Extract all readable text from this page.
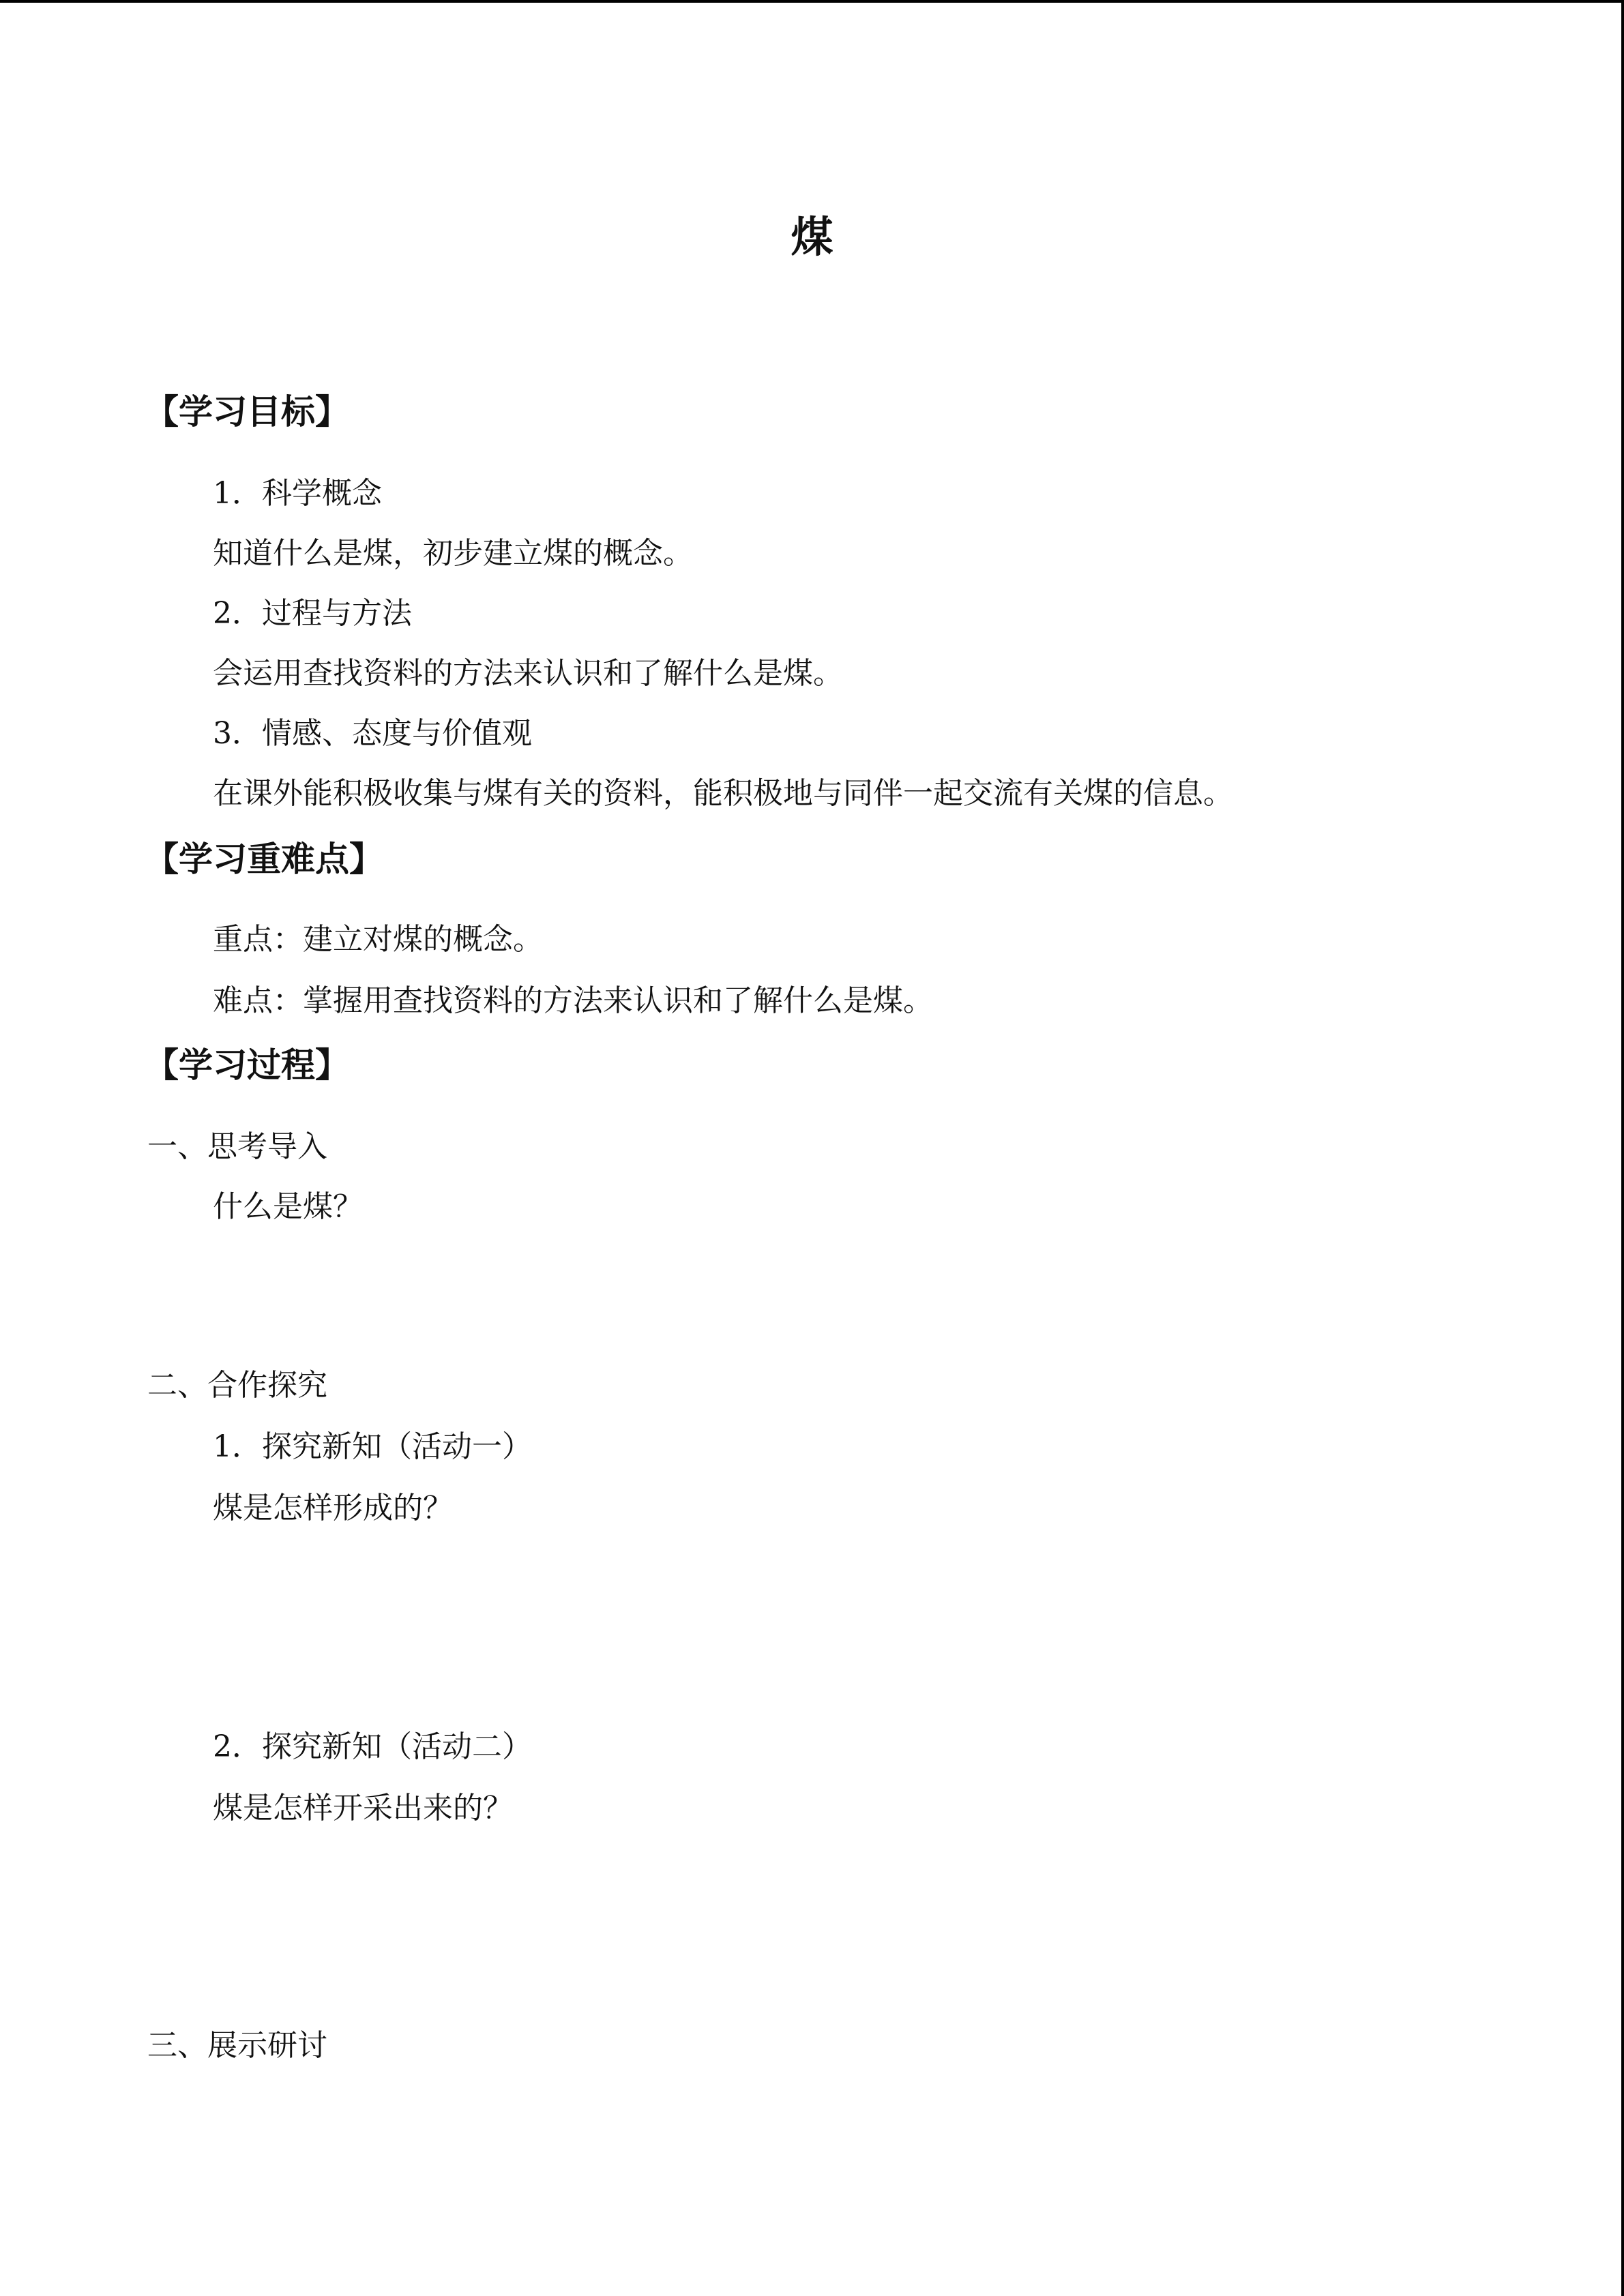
煤
【学习目标】

1．科学概念

知道什么是煤，初步建立煤的概念。

2．过程与方法

会运用查找资料的方法来认识和了解什么是煤。

3．情感、态度与价值观

在课外能积极收集与煤有关的资料，能积极地与同伴一起交流有关煤的信息。

【学习重难点】

重点：建立对煤的概念。

难点：掌握用查找资料的方法来认识和了解什么是煤。

【学习过程】

一、思考导入

什么是煤？

二、合作探究

1．探究新知（活动一）

煤是怎样形成的？

2．探究新知（活动二）

煤是怎样开采出来的？

三、展示研讨
